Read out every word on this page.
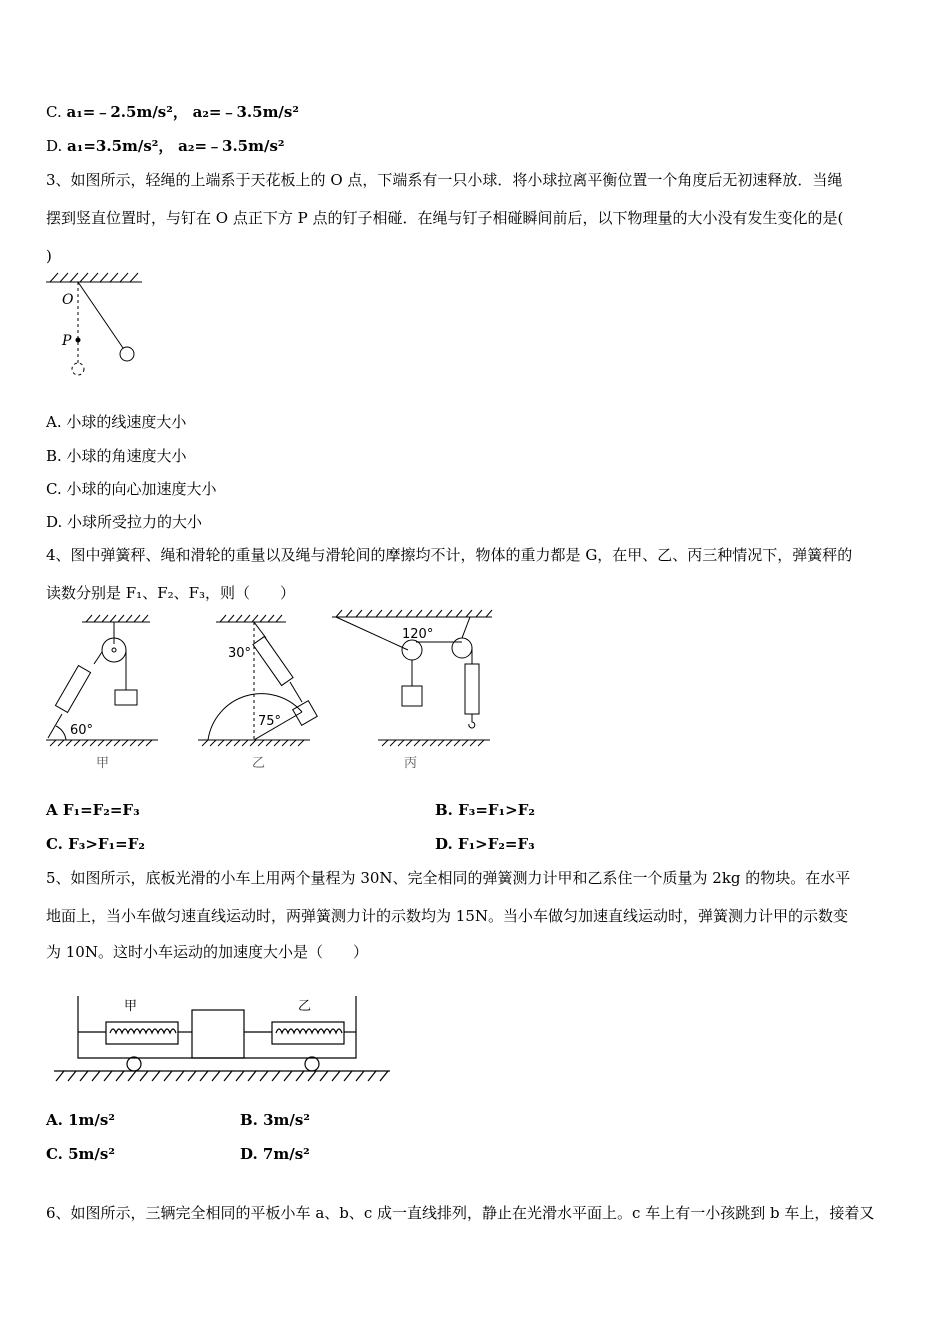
C. a₁=﹣2.5m/s²， a₂=﹣3.5m/s²
D. a₁=3.5m/s²， a₂=﹣3.5m/s²
3、如图所示，轻绳的上端系于天花板上的 O 点，下端系有一只小球．将小球拉离平衡位置一个角度后无初速释放．当绳
摆到竖直位置时，与钉在 O 点正下方 P 点的钉子相碰．在绳与钉子相碰瞬间前后，以下物理量的大小没有发生变化的是(
)
O
P
A. 小球的线速度大小
B. 小球的角速度大小
C. 小球的向心加速度大小
D. 小球所受拉力的大小
4、图中弹簧秤、绳和滑轮的重量以及绳与滑轮间的摩擦均不计，物体的重力都是 G，在甲、乙、丙三种情况下，弹簧秤的
读数分别是 F₁、F₂、F₃，则（　　）
60°
30°
75°
120°
甲	乙	丙
A F₁=F₂=F₃	B. F₃=F₁>F₂
C. F₃>F₁=F₂	D. F₁>F₂=F₃
5、如图所示，底板光滑的小车上用两个量程为 30N、完全相同的弹簧测力计甲和乙系住一个质量为 2kg 的物块。在水平
地面上，当小车做匀速直线运动时，两弹簧测力计的示数均为 15N。当小车做匀加速直线运动时，弹簧测力计甲的示数变
为 10N。这时小车运动的加速度大小是（　　）
甲	乙
A. 1m/s²	B. 3m/s²
C. 5m/s²	D. 7m/s²
6、如图所示，三辆完全相同的平板小车 a、b、c 成一直线排列，静止在光滑水平面上。c 车上有一小孩跳到 b 车上，接着又
